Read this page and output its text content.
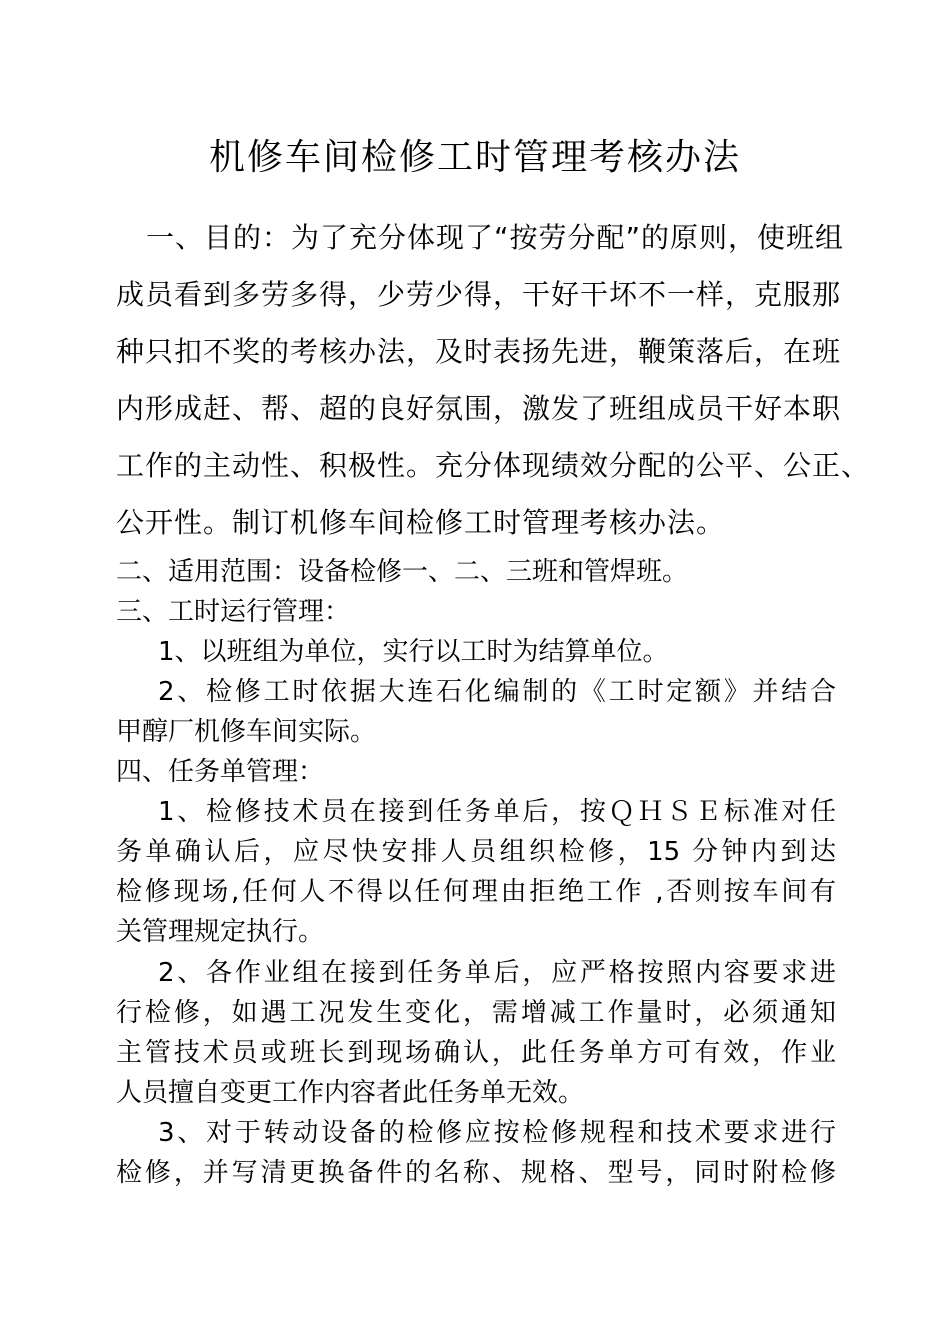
机修车间检修工时管理考核办法
一、目的：为了充分体现了“按劳分配”的原则，使班组
成员看到多劳多得，少劳少得，干好干坏不一样，克服那
种只扣不奖的考核办法，及时表扬先进，鞭策落后，在班
内形成赶、帮、超的良好氛围，激发了班组成员干好本职
工作的主动性、积极性。充分体现绩效分配的公平、公正、
公开性。制订机修车间检修工时管理考核办法。
二、适用范围：设备检修一、二、三班和管焊班。
三、工时运行管理：
1、以班组为单位，实行以工时为结算单位。
2、检修工时依据大连石化编制的《工时定额》并结合
甲醇厂机修车间实际。
四、任务单管理：
1、检修技术员在接到任务单后，按ＱＨＳＥ标准对任
务单确认后，应尽快安排人员组织检修，15 分钟内到达
检修现场,任何人不得以任何理由拒绝工作 ,否则按车间有
关管理规定执行。
2、各作业组在接到任务单后，应严格按照内容要求进
行检修，如遇工况发生变化，需增减工作量时，必须通知
主管技术员或班长到现场确认，此任务单方可有效，作业
人员擅自变更工作内容者此任务单无效。
3、对于转动设备的检修应按检修规程和技术要求进行
检修，并写清更换备件的名称、规格、型号，同时附检修
